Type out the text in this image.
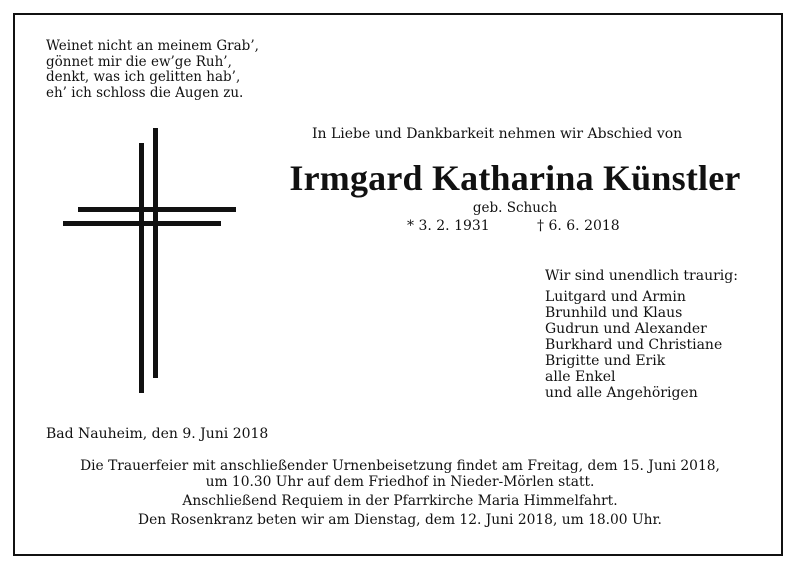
Weinet nicht an meinem Grab’,
gönnet mir die ew’ge Ruh’,
denkt, was ich gelitten hab’,
eh’ ich schloss die Augen zu.
In Liebe und Dankbarkeit nehmen wir Abschied von
Irmgard Katharina Künstler
geb. Schuch
* 3. 2. 1931	† 6. 6. 2018
Wir sind unendlich traurig:
Luitgard und Armin
Brunhild und Klaus
Gudrun und Alexander
Burkhard und Christiane
Brigitte und Erik
alle Enkel
und alle Angehörigen
Bad Nauheim, den 9. Juni 2018
Die Trauerfeier mit anschließender Urnenbeisetzung findet am Freitag, dem 15. Juni 2018,
um 10.30 Uhr auf dem Friedhof in Nieder-Mörlen statt.
Anschließend Requiem in der Pfarrkirche Maria Himmelfahrt.
Den Rosenkranz beten wir am Dienstag, dem 12. Juni 2018, um 18.00 Uhr.
